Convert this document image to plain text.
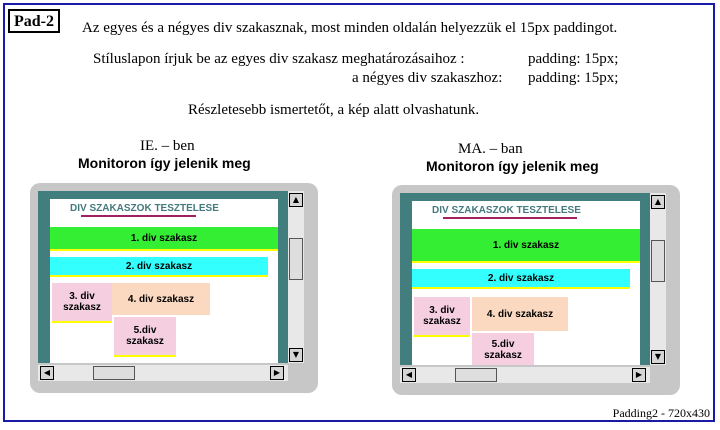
Pad-2	Az egyes és a négyes div szakasznak, most minden oldalán helyezzük el 15px paddingot.
Stíluslapon írjuk be az egyes div szakasz meghatározásaihoz :	padding: 15px;
a négyes div szakaszhoz: padding: 15px;
Részletesebb ismertetőt, a kép alatt olvashatunk.
IE. – ben
Monitoron így jelenik meg
DIV SZAKASZOK TESZTELESE
1. div szakasz
2. div szakasz
3. div szakasz
4. div szakasz
5.div szakasz
▲
▼
◀	▶
MA. – ban
Monitoron így jelenik meg
DIV SZAKASZOK TESZTELESE
1. div szakasz
2. div szakasz
3. div szakasz
4. div szakasz
5.div szakasz
▲
▼
◀	▶
Padding2 - 720x430
